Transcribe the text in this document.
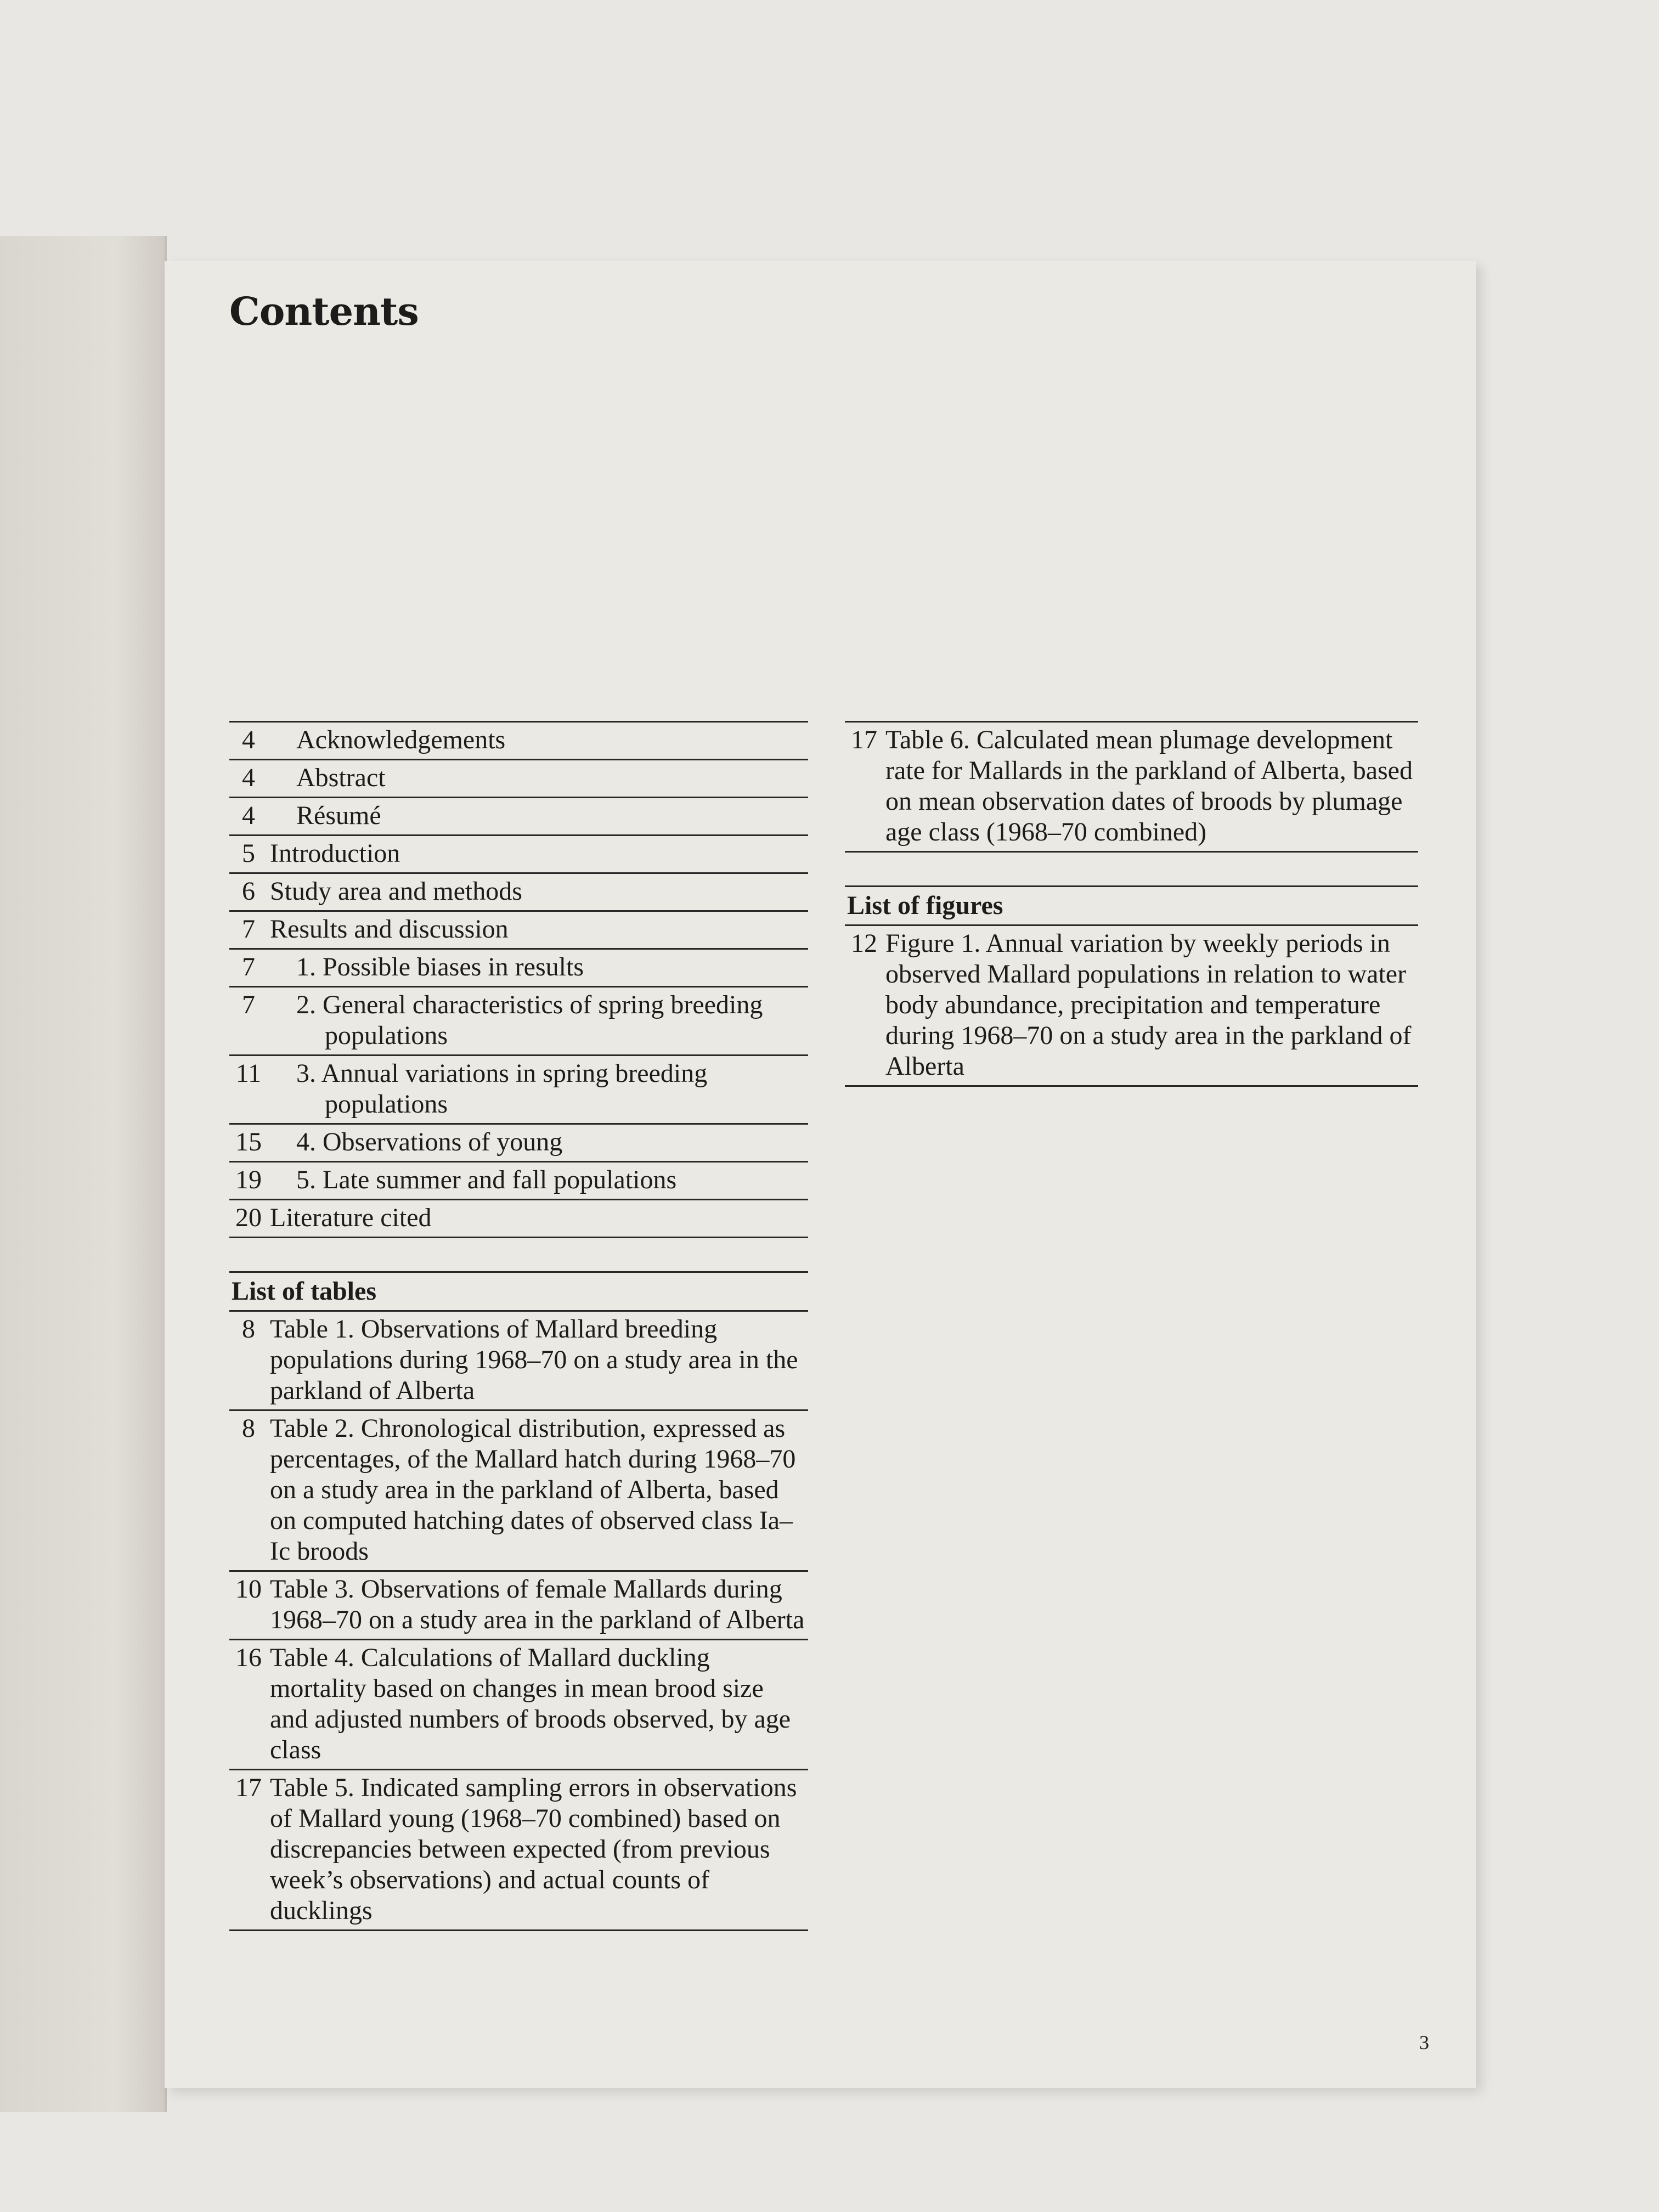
Contents
4	Acknowledgements
4	Abstract
4	Résumé
5 Introduction
6 Study area and methods
7 Results and discussion
7	1. Possible biases in results
7	2. General characteristics of spring breeding populations
11	3. Annual variations in spring breeding populations
15	4. Observations of young
19	5. Late summer and fall populations
20 Literature cited
List of tables
8 Table 1. Observations of Mallard breeding populations during 1968–70 on a study area in the parkland of Alberta
8 Table 2. Chronological distribution, expressed as percentages, of the Mallard hatch during 1968–70 on a study area in the parkland of Alberta, based on computed hatching dates of observed class Ia–Ic broods
10 Table 3. Observations of female Mallards during 1968–70 on a study area in the parkland of Alberta
16 Table 4. Calculations of Mallard duckling mortality based on changes in mean brood size and adjusted numbers of broods observed, by age class
17 Table 5. Indicated sampling errors in observations of Mallard young (1968–70 combined) based on discrepancies between expected (from previous week’s observations) and actual counts of ducklings
17 Table 6. Calculated mean plumage development rate for Mallards in the parkland of Alberta, based on mean observation dates of broods by plumage age class (1968–70 combined)
List of figures
12 Figure 1. Annual variation by weekly periods in observed Mallard populations in relation to water body abundance, precipitation and temperature during 1968–70 on a study area in the parkland of Alberta
3
